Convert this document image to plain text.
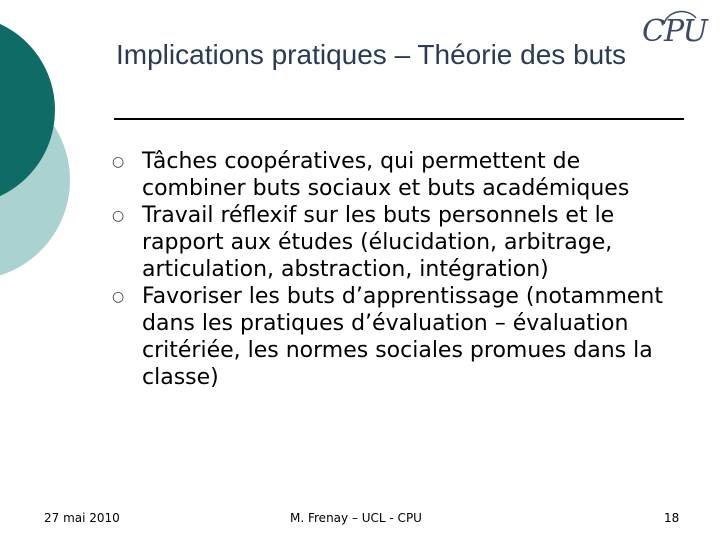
CPU
Implications pratiques – Théorie des buts
○ Tâches coopératives, qui permettent de combiner buts sociaux et buts académiques
○ Travail réflexif sur les buts personnels et le rapport aux études (élucidation, arbitrage, articulation, abstraction, intégration)
○ Favoriser les buts d’apprentissage (notamment dans les pratiques d’évaluation – évaluation critériée, les normes sociales promues dans la classe)
27 mai 2010	M. Frenay – UCL - CPU	18
